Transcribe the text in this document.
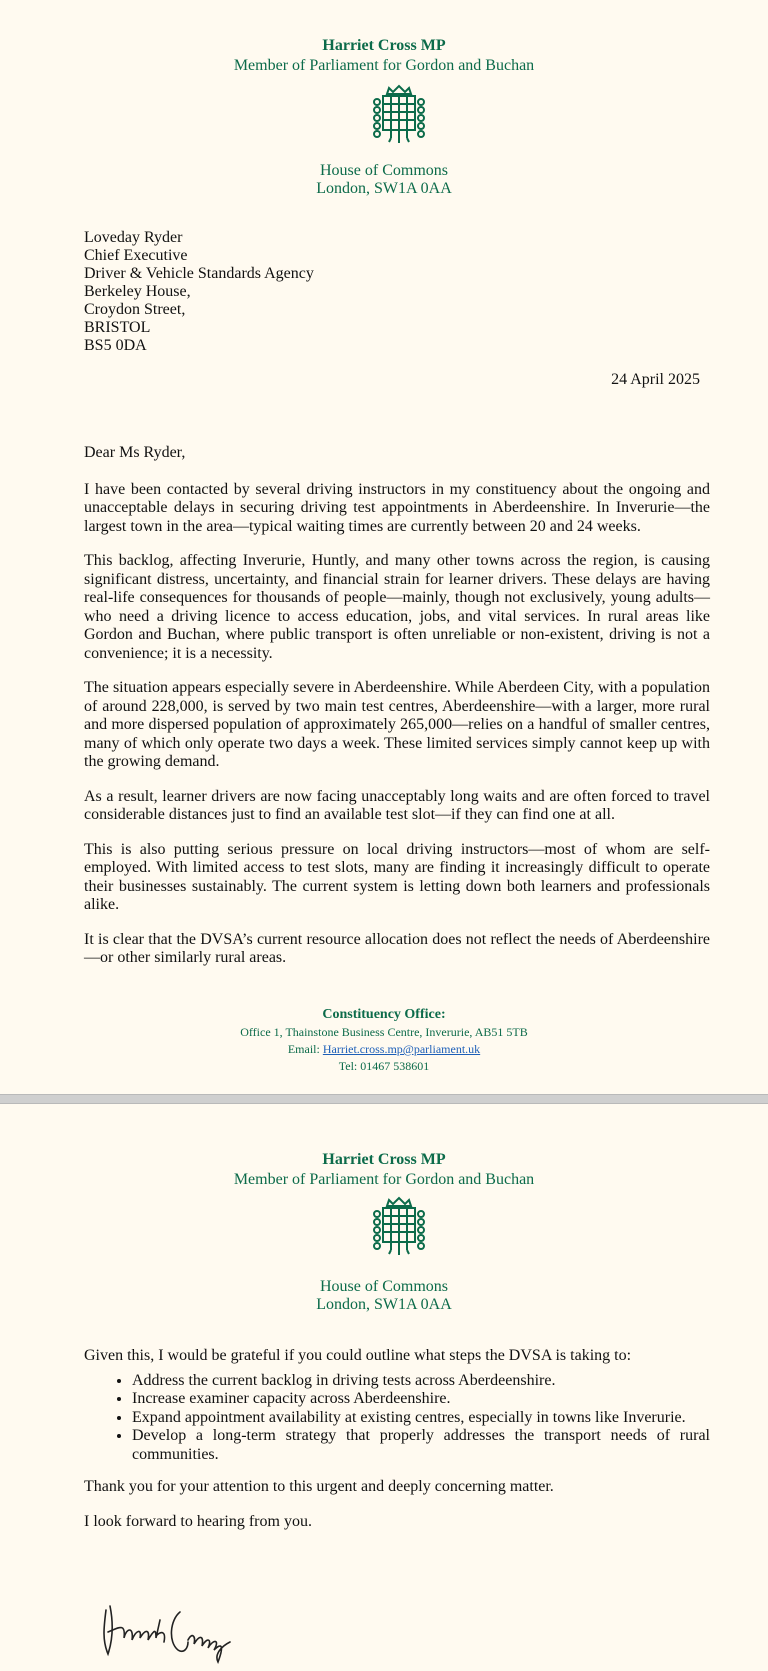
Harriet Cross MP
Member of Parliament for Gordon and Buchan
House of Commons
London, SW1A 0AA
Loveday Ryder
Chief Executive
Driver & Vehicle Standards Agency
Berkeley House,
Croydon Street,
BRISTOL
BS5 0DA
24 April 2025

Dear Ms Ryder,

I have been contacted by several driving instructors in my constituency about the ongoing and unacceptable delays in securing driving test appointments in Aberdeenshire. In Inverurie—the largest town in the area—typical waiting times are currently between 20 and 24 weeks.

This backlog, affecting Inverurie, Huntly, and many other towns across the region, is causing significant distress, uncertainty, and financial strain for learner drivers. These delays are having real-life consequences for thousands of people—mainly, though not exclusively, young adults—who need a driving licence to access education, jobs, and vital services. In rural areas like Gordon and Buchan, where public transport is often unreliable or non-existent, driving is not a convenience; it is a necessity.

The situation appears especially severe in Aberdeenshire. While Aberdeen City, with a population of around 228,000, is served by two main test centres, Aberdeenshire—with a larger, more rural and more dispersed population of approximately 265,000—relies on a handful of smaller centres, many of which only operate two days a week. These limited services simply cannot keep up with the growing demand.

As a result, learner drivers are now facing unacceptably long waits and are often forced to travel considerable distances just to find an available test slot—if they can find one at all.

This is also putting serious pressure on local driving instructors—most of whom are self-employed. With limited access to test slots, many are finding it increasingly difficult to operate their businesses sustainably. The current system is letting down both learners and professionals alike.

It is clear that the DVSA’s current resource allocation does not reflect the needs of Aberdeenshire—or other similarly rural areas.

Constituency Office:
Office 1, Thainstone Business Centre, Inverurie, AB51 5TB
Email: Harriet.cross.mp@parliament.uk
Tel: 01467 538601
Harriet Cross MP
Member of Parliament for Gordon and Buchan
House of Commons
London, SW1A 0AA

Given this, I would be grateful if you could outline what steps the DVSA is taking to:

• Address the current backlog in driving tests across Aberdeenshire.
• Increase examiner capacity across Aberdeenshire.
• Expand appointment availability at existing centres, especially in towns like Inverurie.
• Develop a long-term strategy that properly addresses the transport needs of rural communities.

Thank you for your attention to this urgent and deeply concerning matter.

I look forward to hearing from you.
